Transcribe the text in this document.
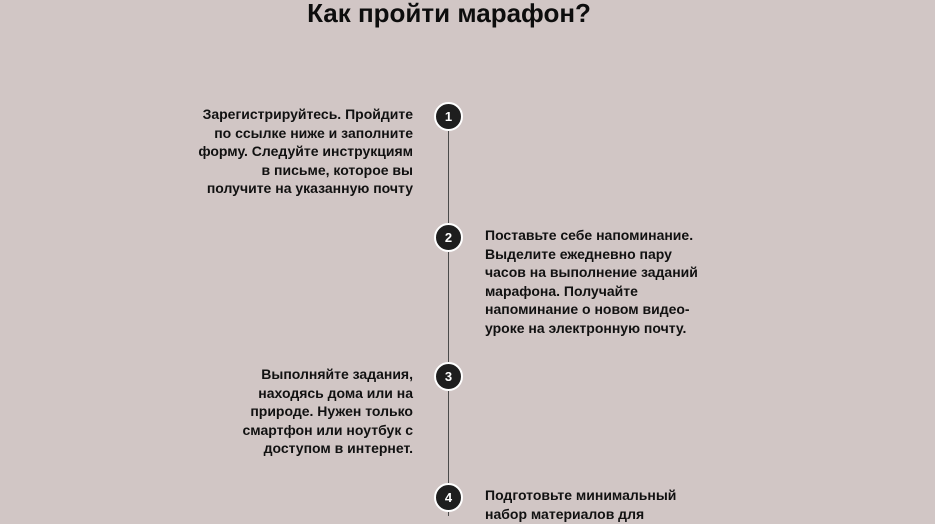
Как пройти марафон?
1

Зарегистрируйтесь. Пройдите
по ссылке ниже и заполните
форму. Следуйте инструкциям
в письме, которое вы
получите на указанную почту

2	Поставьте себе напоминание.
Выделите ежедневно пару
часов на выполнение заданий
марафона. Получайте
напоминание о новом видео-
уроке на электронную почту.

3

Выполняйте задания,
находясь дома или на
природе. Нужен только
смартфон или ноутбук с
доступом в интернет.

4	Подготовьте минимальный
набор материалов для
